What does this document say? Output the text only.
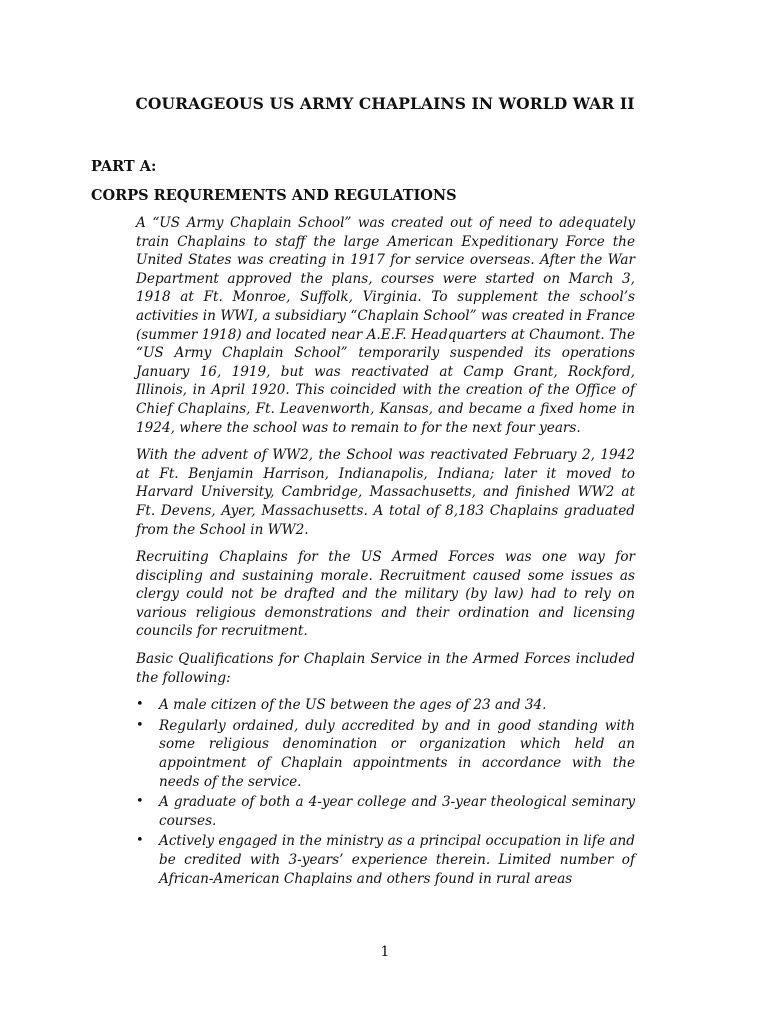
COURAGEOUS US ARMY CHAPLAINS IN WORLD WAR II
PART A:
CORPS REQUREMENTS AND REGULATIONS

A “US Army Chaplain School” was created out of need to adequately train Chaplains to staff the large American Expeditionary Force the United States was creating in 1917 for service overseas. After the War Department approved the plans, courses were started on March 3, 1918 at Ft. Monroe, Suffolk, Virginia. To supplement the school’s activities in WWI, a subsidiary “Chaplain School” was created in France (summer 1918) and located near A.E.F. Headquarters at Chaumont. The “US Army Chaplain School” temporarily suspended its operations January 16, 1919, but was reactivated at Camp Grant, Rockford, Illinois, in April 1920. This coincided with the creation of the Office of Chief Chaplains, Ft. Leavenworth, Kansas, and became a fixed home in 1924, where the school was to remain to for the next four years.

With the advent of WW2, the School was reactivated February 2, 1942 at Ft. Benjamin Harrison, Indianapolis, Indiana; later it moved to Harvard University, Cambridge, Massachusetts, and finished WW2 at Ft. Devens, Ayer, Massachusetts. A total of 8,183 Chaplains graduated from the School in WW2.

Recruiting Chaplains for the US Armed Forces was one way for discipling and sustaining morale. Recruitment caused some issues as clergy could not be drafted and the military (by law) had to rely on various religious demonstrations and their ordination and licensing councils for recruitment.

Basic Qualifications for Chaplain Service in the Armed Forces included the following:

• A male citizen of the US between the ages of 23 and 34.
• Regularly ordained, duly accredited by and in good standing with some religious denomination or organization which held an appointment of Chaplain appointments in accordance with the needs of the service.
• A graduate of both a 4-year college and 3-year theological seminary courses.
• Actively engaged in the ministry as a principal occupation in life and be credited with 3-years’ experience therein. Limited number of African-American Chaplains and others found in rural areas
1
